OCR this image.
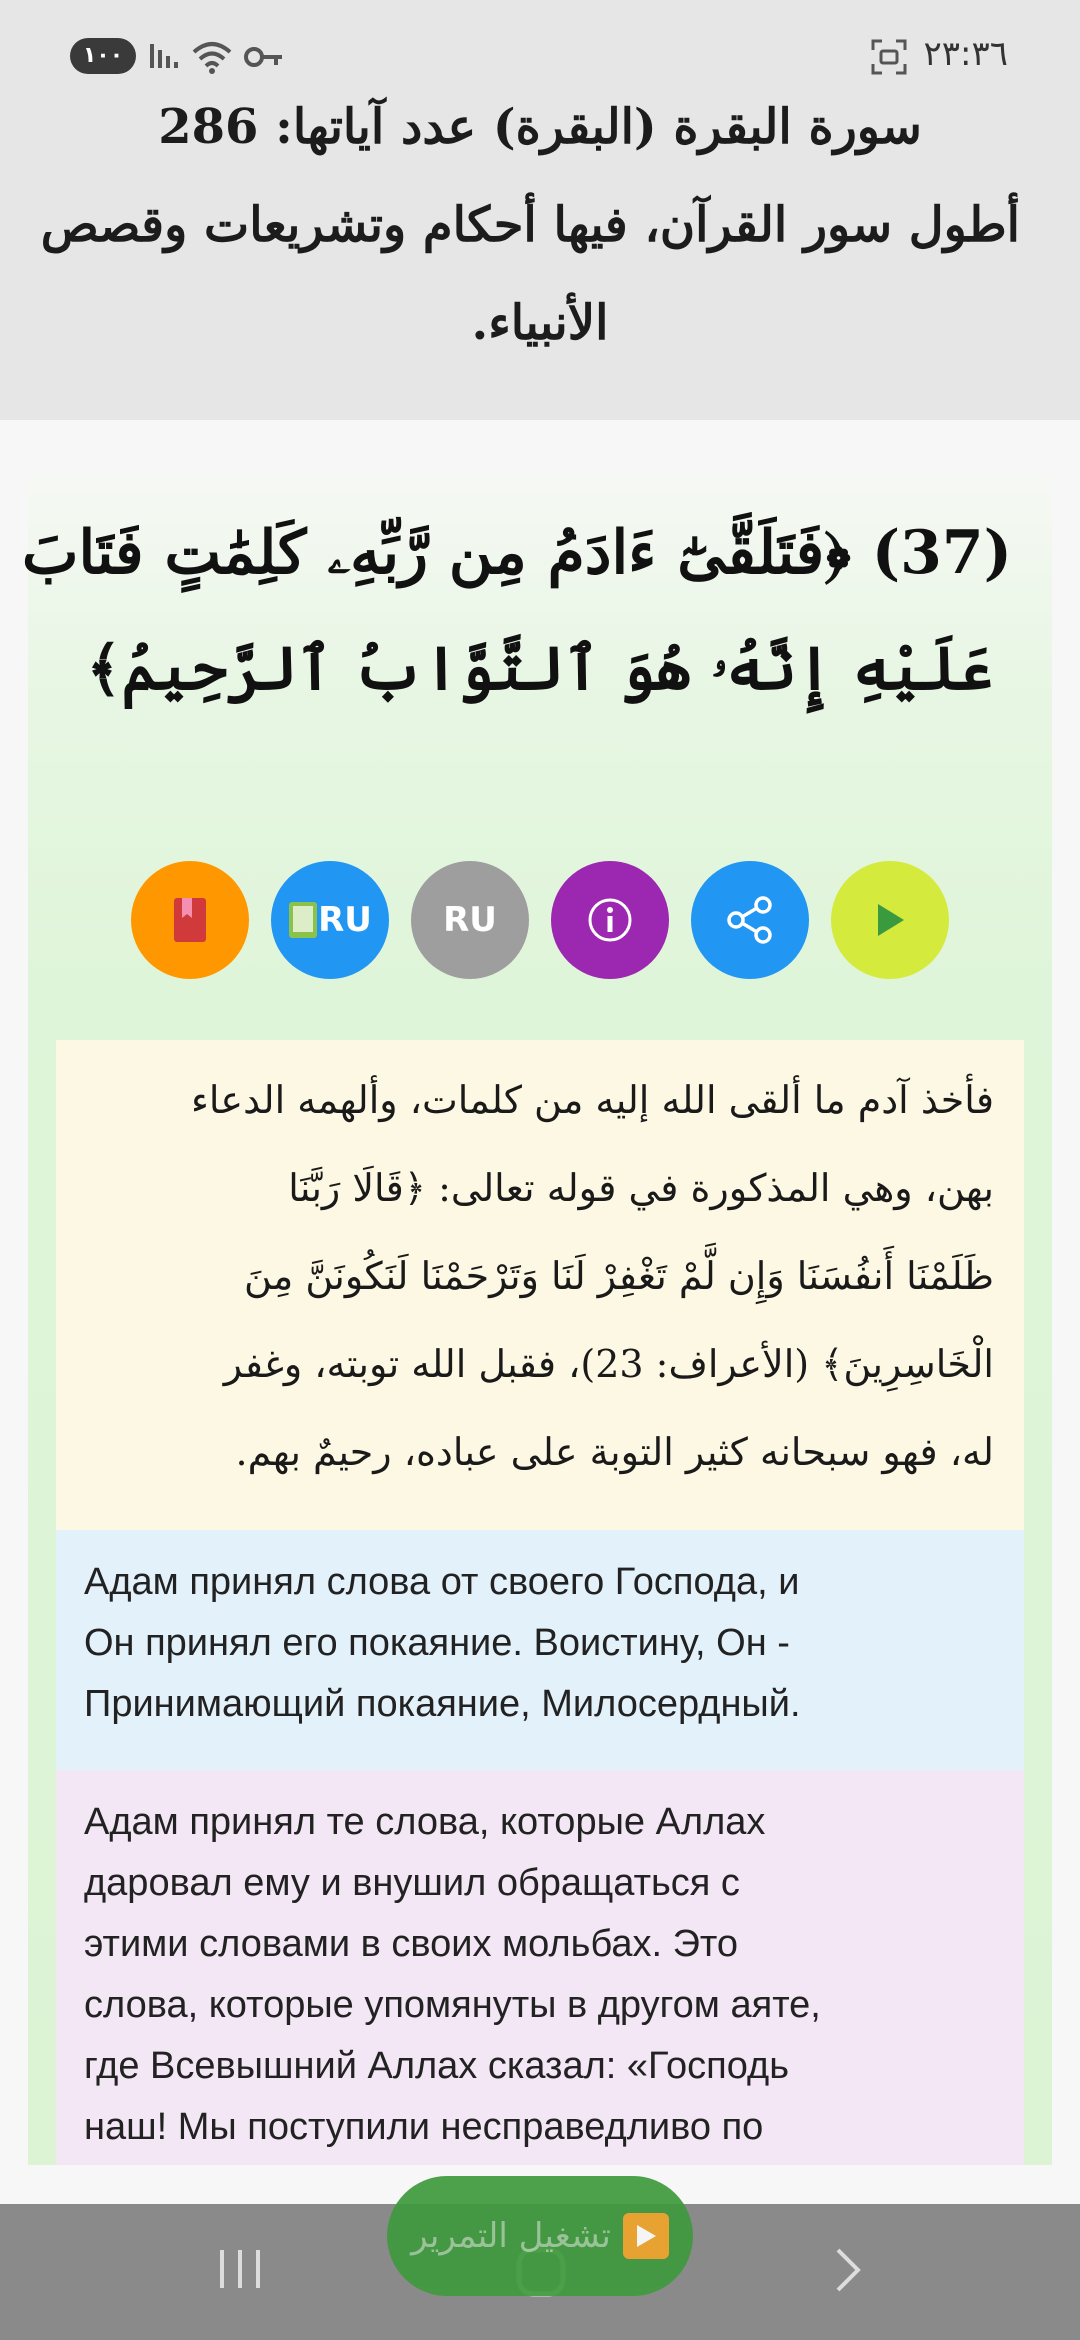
١٠٠	٢٣:٣٦
سورة البقرة (البقرة) عدد آياتها: 286
أطول سور القرآن، فيها أحكام وتشريعات وقصص
الأنبياء.
(37) ﴿فَتَلَقَّىٰٓ ءَادَمُ مِن رَّبِّهِۦ كَلِمَٰتٍ فَتَابَ
عَلَيْهِ إِنَّهُۥ هُوَ ٱلتَّوَّابُ ٱلرَّحِيمُ﴾
RU RU
فأخذ آدم ما ألقى الله إليه من كلمات، وألهمه الدعاء
بهن، وهي المذكورة في قوله تعالى: ﴿قَالَا رَبَّنَا
ظَلَمْنَا أَنفُسَنَا وَإِن لَّمْ تَغْفِرْ لَنَا وَتَرْحَمْنَا لَنَكُونَنَّ مِنَ
الْخَاسِرِينَ﴾ (الأعراف: 23)، فقبل الله توبته، وغفر
له، فهو سبحانه كثير التوبة على عباده، رحيمٌ بهم.
Адам принял слова от своего Господа, и
Он принял его покаяние. Воистину, Он -
Принимающий покаяние, Милосердный.
Адам принял те слова, которые Аллах
даровал ему и внушил обращаться с
этими словами в своих мольбах. Это
слова, которые упомянуты в другом аяте,
где Всевышний Аллах сказал: «Господь
наш! Мы поступили несправедливо по
تشغيل التمرير
